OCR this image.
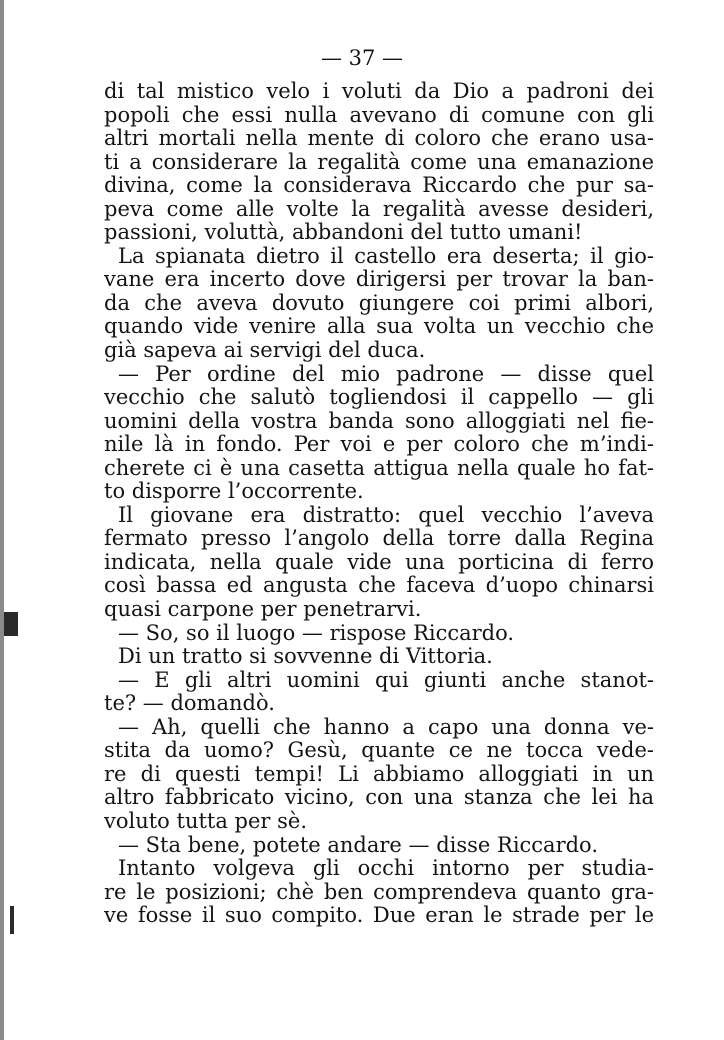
— 37 —
di tal mistico velo i voluti da Dio a padroni dei
popoli che essi nulla avevano di comune con gli
altri mortali nella mente di coloro che erano usa-
ti a considerare la regalità come una emanazione
divina, come la considerava Riccardo che pur sa-
peva come alle volte la regalità avesse desideri,
passioni, voluttà, abbandoni del tutto umani!
La spianata dietro il castello era deserta; il gio-
vane era incerto dove dirigersi per trovar la ban-
da che aveva dovuto giungere coi primi albori,
quando vide venire alla sua volta un vecchio che
già sapeva ai servigi del duca.
— Per ordine del mio padrone — disse quel
vecchio che salutò togliendosi il cappello — gli
uomini della vostra banda sono alloggiati nel fie-
nile là in fondo. Per voi e per coloro che m’indi-
cherete ci è una casetta attigua nella quale ho fat-
to disporre l’occorrente.
Il giovane era distratto: quel vecchio l’aveva
fermato presso l’angolo della torre dalla Regina
indicata, nella quale vide una porticina di ferro
così bassa ed angusta che faceva d’uopo chinarsi
quasi carpone per penetrarvi.
— So, so il luogo — rispose Riccardo.
Di un tratto si sovvenne di Vittoria.
— E gli altri uomini qui giunti anche stanot-
te? — domandò.
— Ah, quelli che hanno a capo una donna ve-
stita da uomo? Gesù, quante ce ne tocca vede-
re di questi tempi! Li abbiamo alloggiati in un
altro fabbricato vicino, con una stanza che lei ha
voluto tutta per sè.
— Sta bene, potete andare — disse Riccardo.
Intanto volgeva gli occhi intorno per studia-
re le posizioni; chè ben comprendeva quanto gra-
ve fosse il suo compito. Due eran le strade per le
